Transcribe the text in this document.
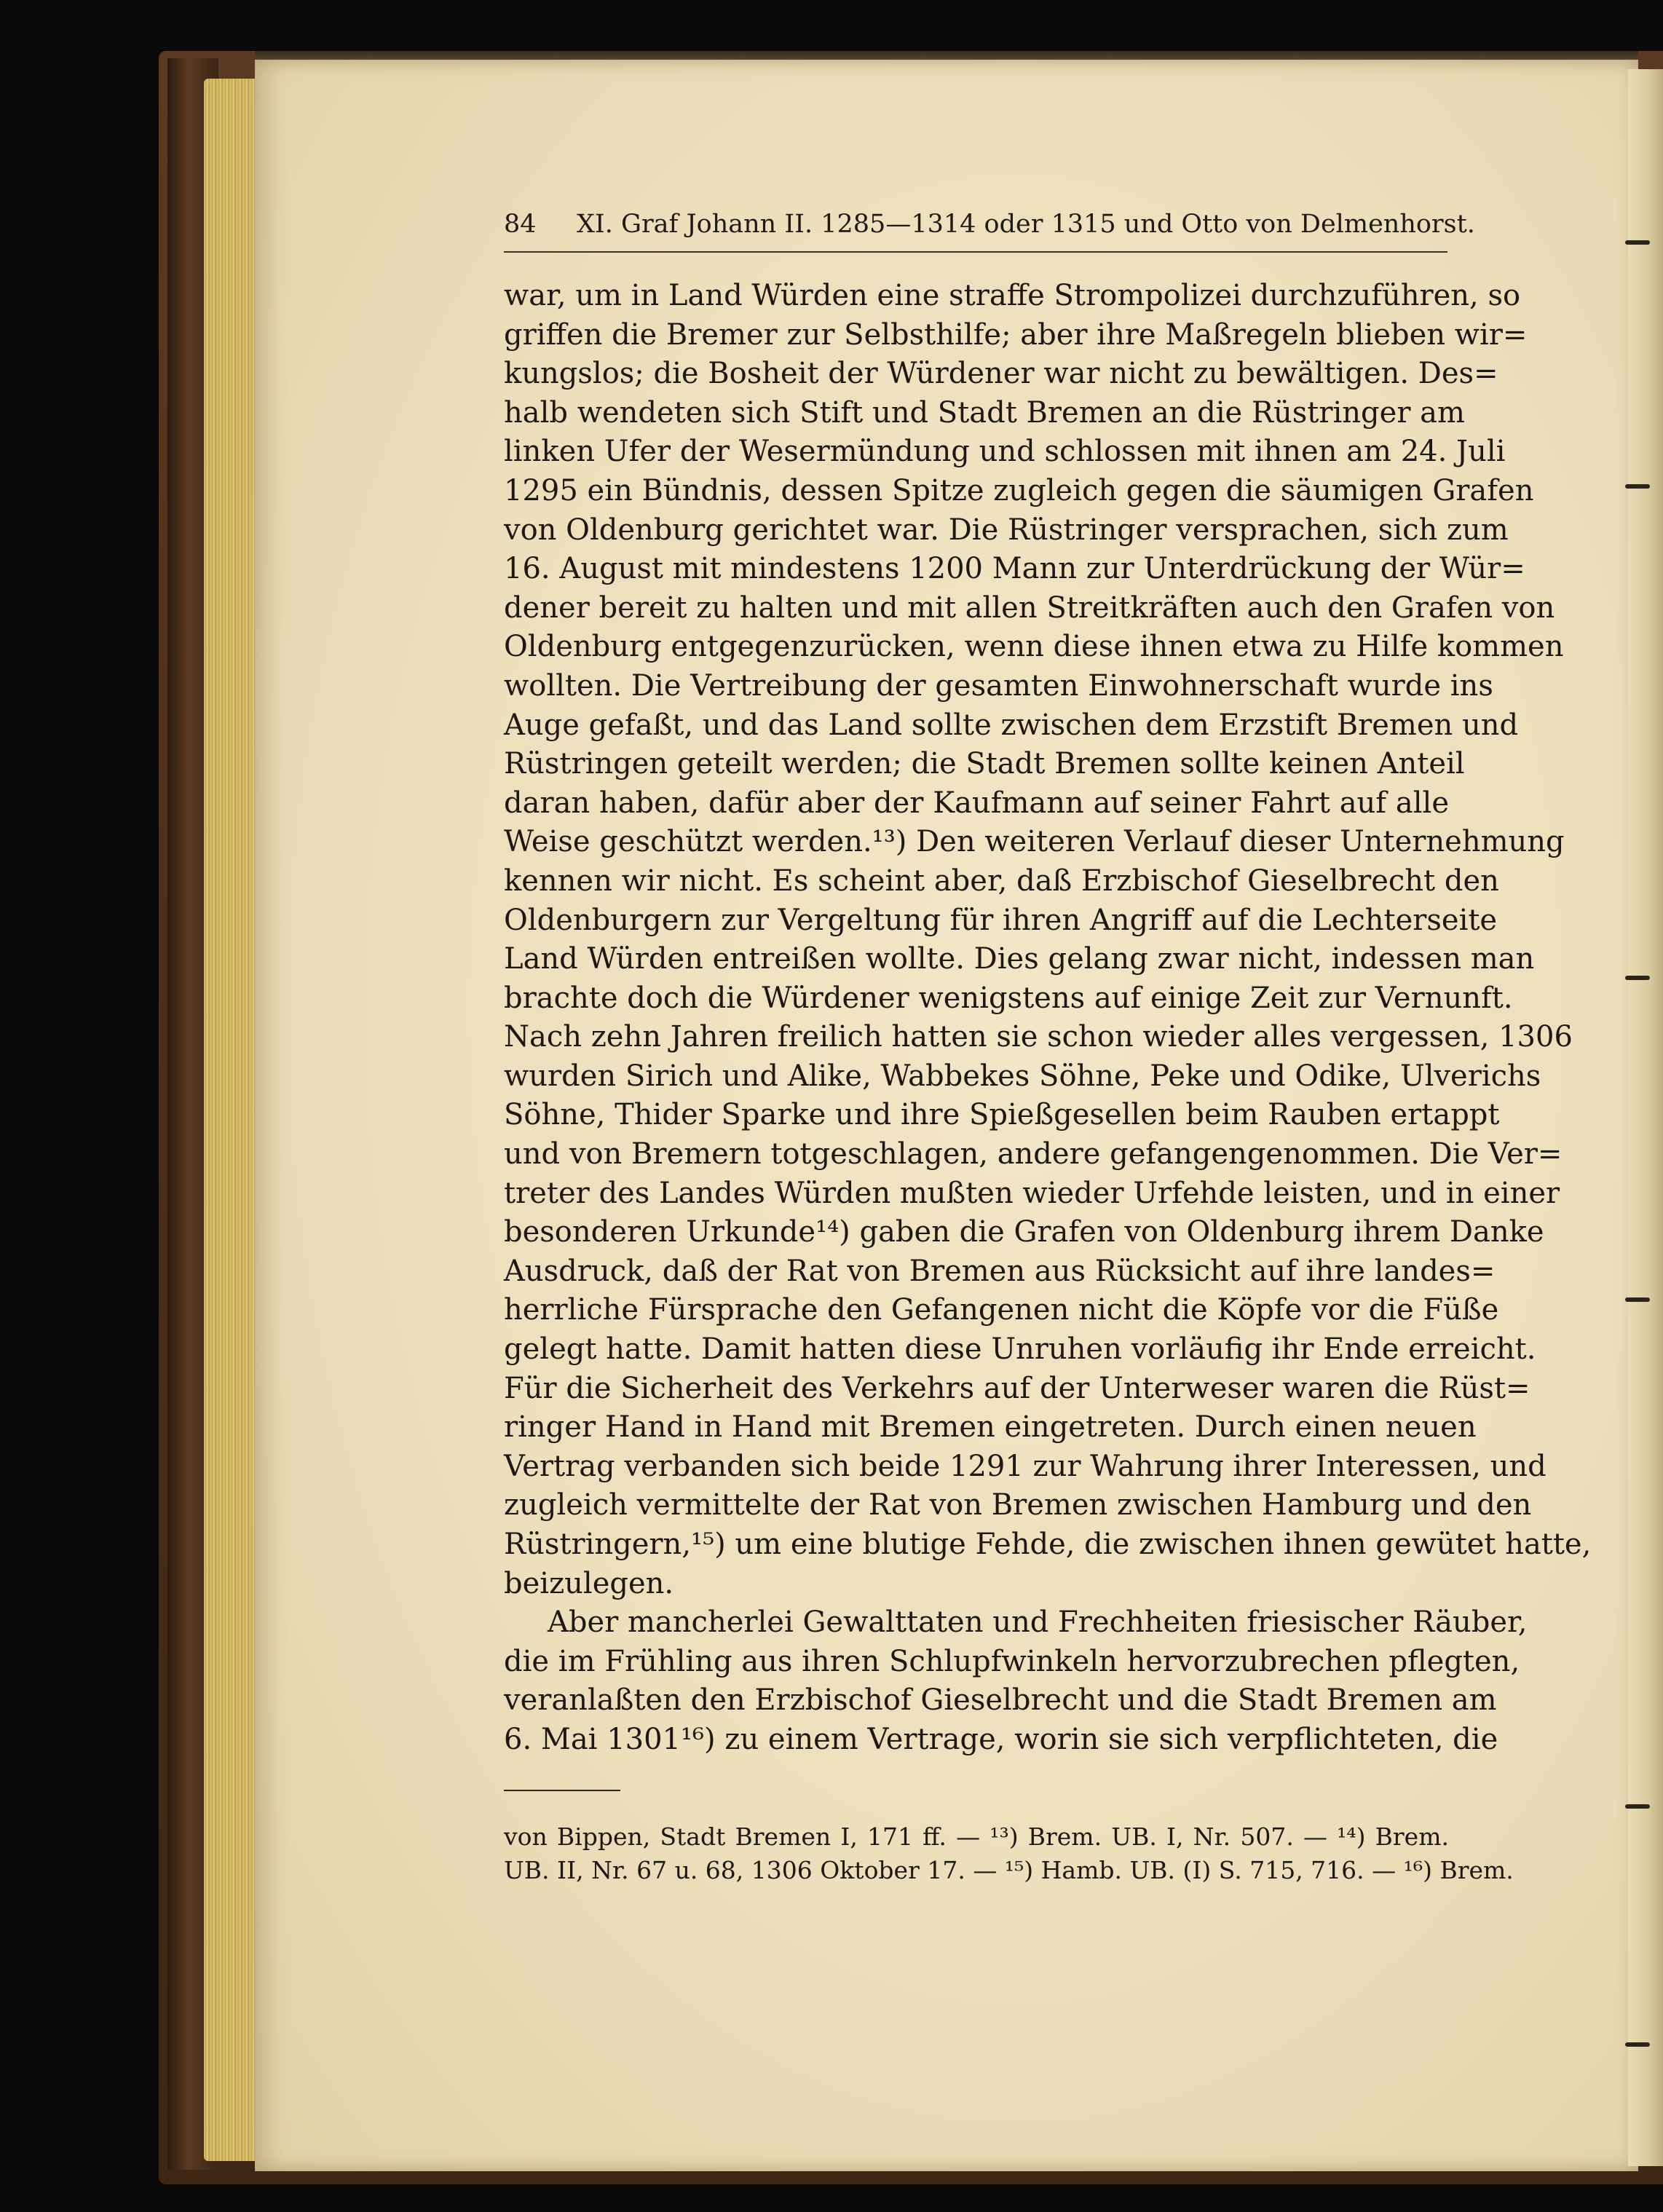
84 XI. Graf Johann II. 1285—1314 oder 1315 und Otto von Delmenhorst.
war, um in Land Würden eine straffe Strompolizei durchzuführen, so
griffen die Bremer zur Selbsthilfe; aber ihre Maßregeln blieben wir=
kungslos; die Bosheit der Würdener war nicht zu bewältigen. Des=
halb wendeten sich Stift und Stadt Bremen an die Rüstringer am
linken Ufer der Wesermündung und schlossen mit ihnen am 24. Juli
1295 ein Bündnis, dessen Spitze zugleich gegen die säumigen Grafen
von Oldenburg gerichtet war. Die Rüstringer versprachen, sich zum
16. August mit mindestens 1200 Mann zur Unterdrückung der Wür=
dener bereit zu halten und mit allen Streitkräften auch den Grafen von
Oldenburg entgegenzurücken, wenn diese ihnen etwa zu Hilfe kommen
wollten. Die Vertreibung der gesamten Einwohnerschaft wurde ins
Auge gefaßt, und das Land sollte zwischen dem Erzstift Bremen und
Rüstringen geteilt werden; die Stadt Bremen sollte keinen Anteil
daran haben, dafür aber der Kaufmann auf seiner Fahrt auf alle
Weise geschützt werden.¹³) Den weiteren Verlauf dieser Unternehmung
kennen wir nicht. Es scheint aber, daß Erzbischof Gieselbrecht den
Oldenburgern zur Vergeltung für ihren Angriff auf die Lechterseite
Land Würden entreißen wollte. Dies gelang zwar nicht, indessen man
brachte doch die Würdener wenigstens auf einige Zeit zur Vernunft.
Nach zehn Jahren freilich hatten sie schon wieder alles vergessen, 1306
wurden Sirich und Alike, Wabbekes Söhne, Peke und Odike, Ulverichs
Söhne, Thider Sparke und ihre Spießgesellen beim Rauben ertappt
und von Bremern totgeschlagen, andere gefangengenommen. Die Ver=
treter des Landes Würden mußten wieder Urfehde leisten, und in einer
besonderen Urkunde¹⁴) gaben die Grafen von Oldenburg ihrem Danke
Ausdruck, daß der Rat von Bremen aus Rücksicht auf ihre landes=
herrliche Fürsprache den Gefangenen nicht die Köpfe vor die Füße
gelegt hatte. Damit hatten diese Unruhen vorläufig ihr Ende erreicht.
Für die Sicherheit des Verkehrs auf der Unterweser waren die Rüst=
ringer Hand in Hand mit Bremen eingetreten. Durch einen neuen
Vertrag verbanden sich beide 1291 zur Wahrung ihrer Interessen, und
zugleich vermittelte der Rat von Bremen zwischen Hamburg und den
Rüstringern,¹⁵) um eine blutige Fehde, die zwischen ihnen gewütet hatte,
beizulegen.
Aber mancherlei Gewalttaten und Frechheiten friesischer Räuber,
die im Frühling aus ihren Schlupfwinkeln hervorzubrechen pflegten,
veranlaßten den Erzbischof Gieselbrecht und die Stadt Bremen am
6. Mai 1301¹⁶) zu einem Vertrage, worin sie sich verpflichteten, die
von Bippen, Stadt Bremen I, 171 ff. — ¹³) Brem. UB. I, Nr. 507. — ¹⁴) Brem.
UB. II, Nr. 67 u. 68, 1306 Oktober 17. — ¹⁵) Hamb. UB. (I) S. 715, 716. — ¹⁶) Brem.
